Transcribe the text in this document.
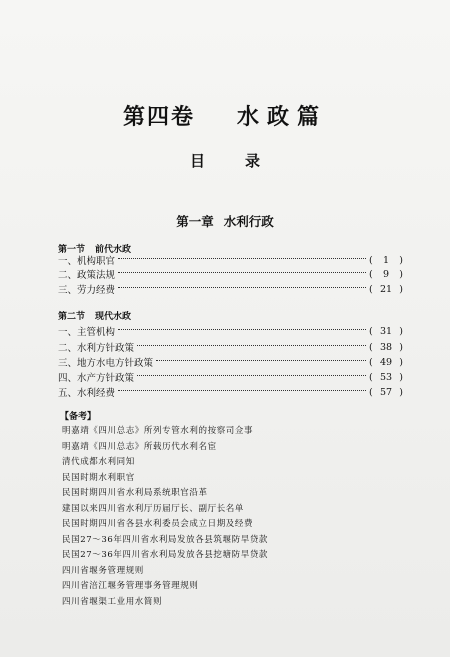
第四卷 水政篇
目录
第一章 水利行政
第一节 前代水政
一、机构职官	( 1 )
二、政策法规	( 9 )
三、劳力经费	( 21 )
第二节 现代水政
一、主管机构	( 31 )
二、水利方针政策	( 38 )
三、地方水电方针政策	( 49 )
四、水产方针政策	( 53 )
五、水利经费	( 57 )
【备考】
明嘉靖《四川总志》所列专管水利的按察司佥事
明嘉靖《四川总志》所载历代水利名宦
清代成都水利同知
民国时期水利职官
民国时期四川省水利局系统职官沿革
建国以来四川省水利厅历届厅长、副厅长名单
民国时期四川省各县水利委员会成立日期及经费
民国27～36年四川省水利局发放各县筑堰防旱贷款
民国27～36年四川省水利局发放各县挖塘防旱贷款
四川省堰务管理规则
四川省涪江堰务管理事务管理规则
四川省堰渠工业用水简则
